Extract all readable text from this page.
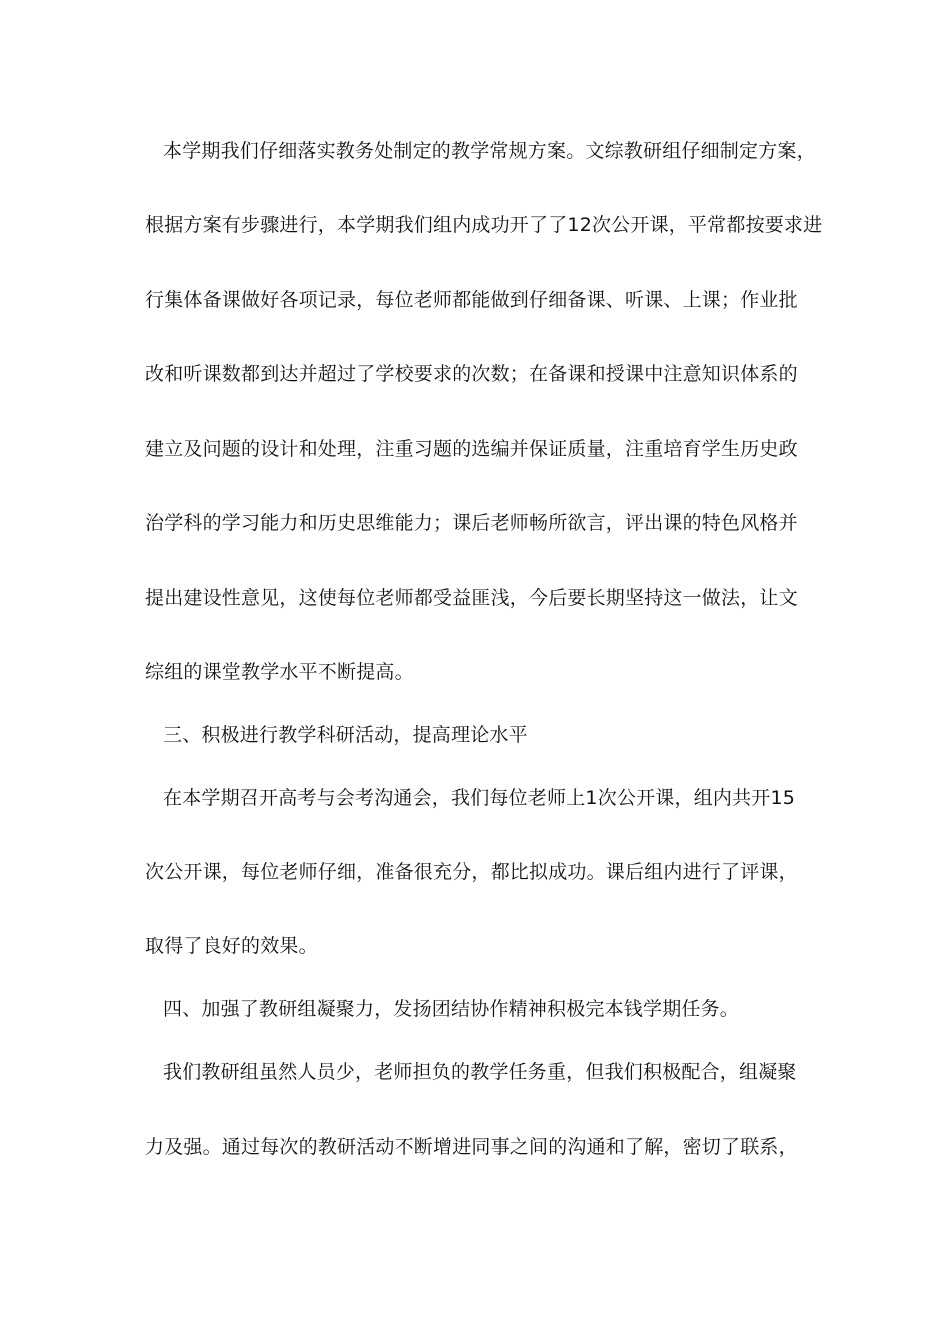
本学期我们仔细落实教务处制定的教学常规方案。文综教研组仔细制定方案，
根据方案有步骤进行，本学期我们组内成功开了了12次公开课，平常都按要求进
行集体备课做好各项记录，每位老师都能做到仔细备课、听课、上课；作业批
改和听课数都到达并超过了学校要求的次数；在备课和授课中注意知识体系的
建立及问题的设计和处理，注重习题的选编并保证质量，注重培育学生历史政
治学科的学习能力和历史思维能力；课后老师畅所欲言，评出课的特色风格并
提出建设性意见，这使每位老师都受益匪浅，今后要长期坚持这一做法，让文
综组的课堂教学水平不断提高。
三、积极进行教学科研活动，提高理论水平
在本学期召开高考与会考沟通会，我们每位老师上1次公开课，组内共开15
次公开课，每位老师仔细，准备很充分，都比拟成功。课后组内进行了评课，
取得了良好的效果。
四、加强了教研组凝聚力，发扬团结协作精神积极完本钱学期任务。
我们教研组虽然人员少，老师担负的教学任务重，但我们积极配合，组凝聚
力及强。通过每次的教研活动不断增进同事之间的沟通和了解，密切了联系，
